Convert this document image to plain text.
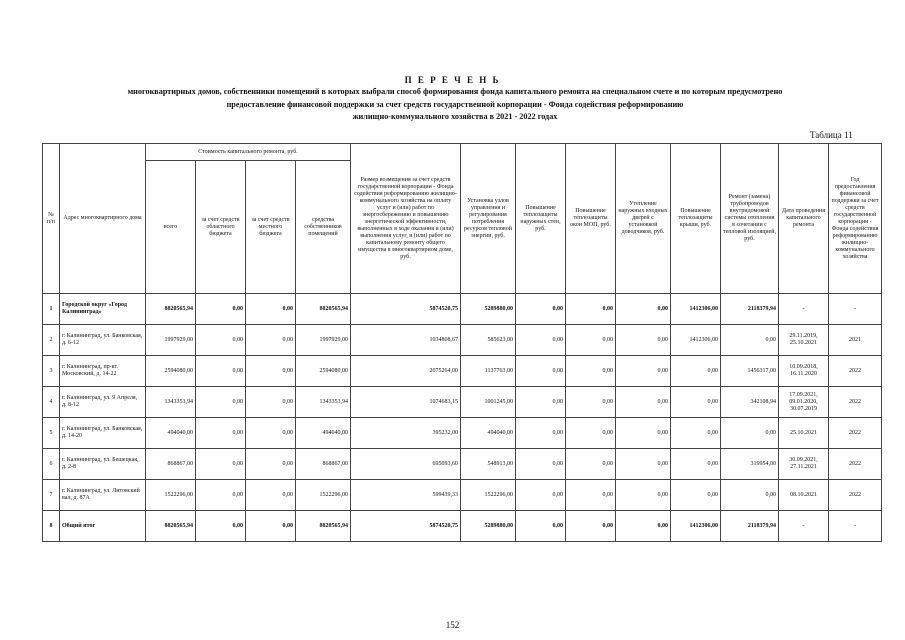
П Е Р Е Ч Е Н Ь
многоквартирных домов, собственники помещений в которых выбрали способ формирования фонда капитального ремонта на специальном счете и по которым предусмотрено
предоставление финансовой поддержки за счет средств государственной корпорации - Фонда содействия реформированию
жилищно-коммунального хозяйства в 2021 - 2022 годах
Таблица 11
№ п/п	Адрес многоквартирного дома	Стоимость капитального ремонта, руб.				Размер возмещения за счет средств государственной корпорации - Фонда содействия реформированию жилищно-коммунального хозяйства на оплату услуг и (или) работ по энергосбережению и повышению энергетической эффективности, выполненных в ходе оказания и (или) выполнения услуг, и (или) работ по капитальному ремонту общего имущества в многоквартирном доме, руб.	Установка узлов управления и регулирования потребления ресурсов тепловой энергии, руб.	Повышение теплозащиты наружных стен, руб.	Повышение теплозащиты окон МОП, руб.	Утепление наружных входных дверей с установкой доводчиков, руб.	Повышение теплозащиты крыши, руб.	Ремонт (замена) трубопроводов внутридомовой системы отопления в сочетании с тепловой изоляцией, руб.	Дата проведения капитального ремонта	Год предоставления финансовой поддержки за счет средств государственной корпорации - Фонда содействия реформированию жилищно-коммунального хозяйства
		всего	за счет средств областного бюджета	за счет средств местного бюджета	средства собственников помещений									
1	Городской округ «Город Калининград»	8820565,94	0,00	0,00	8820565,94	5874520,75	5289880,00	0,00	0,00	0,00	1412306,00	2118379,94	-	-
2	г. Калининград, ул. Банковская, д. 6-12	1997929,00	0,00	0,00	1997929,00	1034808,67	585623,00	0,00	0,00	0,00	1412306,00	0,00	29.11.2019, 25.10.2021	2021
3	г. Калининград, пр-кт. Московский, д. 14-22	2594080,00	0,00	0,00	2594080,00	2075264,00	1137763,00	0,00	0,00	0,00	0,00	1456317,00	10.09.2018, 16.11.2020	2022
4	г. Калининград, ул. 9 Апреля, д. 8-12	1343353,94	0,00	0,00	1343353,94	1074683,15	1001245,00	0,00	0,00	0,00	0,00	342108,94	17.09.2021, 09.01.2020, 30.07.2019	2022
5	г. Калининград, ул. Банковская, д. 14-20	494040,00	0,00	0,00	494040,00	395232,00	494040,00	0,00	0,00	0,00	0,00	0,00	25.10.2021	2022
6	г. Калининград, ул. Бешецкая, д. 2-8	868867,00	0,00	0,00	868867,00	695093,60	548913,00	0,00	0,00	0,00	0,00	319954,00	30.09.2021, 27.11.2021	2022
7	г. Калининград, ул. Литовский вал, д. 87А	1522296,00	0,00	0,00	1522296,00	599439,33	1522296,00	0,00	0,00	0,00	0,00	0,00	08.10.2021	2022
8	Общий итог	8820565,94	0,00	0,00	8820565,94	5874520,75	5289880,00	0,00	0,00	0,00	1412306,00	2118379,94	-	-
152
